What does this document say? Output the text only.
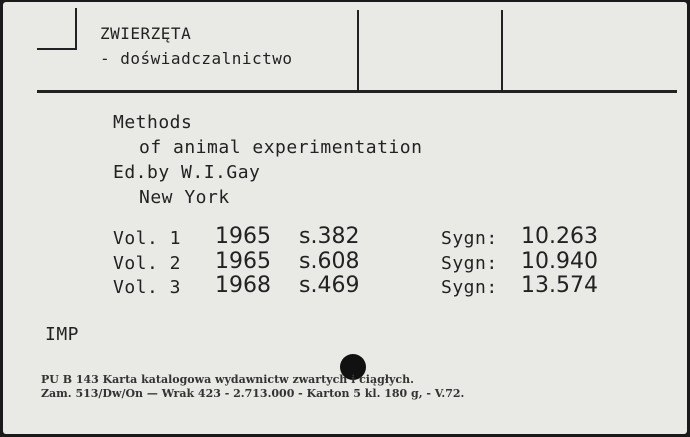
ZWIERZĘTA
- doświadczalnictwo
Methods
of animal experimentation
Ed.by W.I.Gay
New York
Vol. 1 1965 s.382	Sygn: 10.263
Vol. 2 1965 s.608	Sygn: 10.940
Vol. 3 1968 s.469	Sygn: 13.574
IMP
PU B 143 Karta katalogowa wydawnictw zwartych i ciągłych.
Zam. 513/Dw/On — Wrak 423 - 2.713.000 - Karton 5 kl. 180 g, - V.72.
